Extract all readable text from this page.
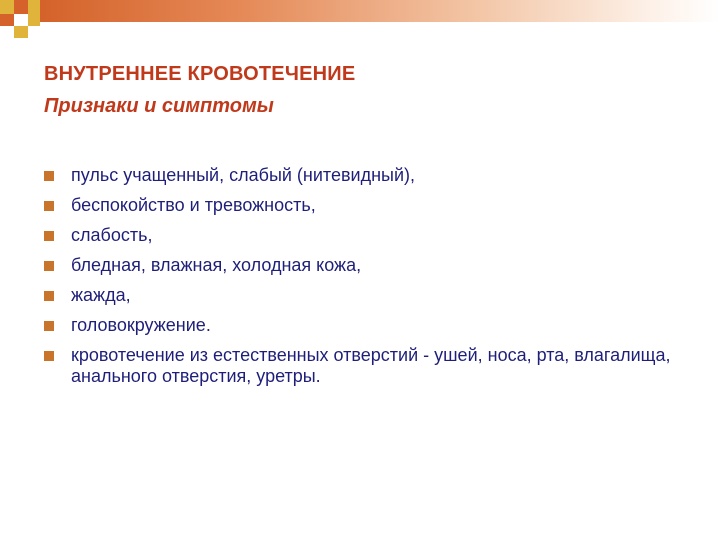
ВНУТРЕННЕЕ КРОВОТЕЧЕНИЕ
Признаки и симптомы
пульс учащенный, слабый (нитевидный),
беспокойство и тревожность,
слабость,
бледная, влажная, холодная кожа,
жажда,
головокружение.
кровотечение из естественных отверстий - ушей, носа, рта, влагалища, анального отверстия, уретры.
